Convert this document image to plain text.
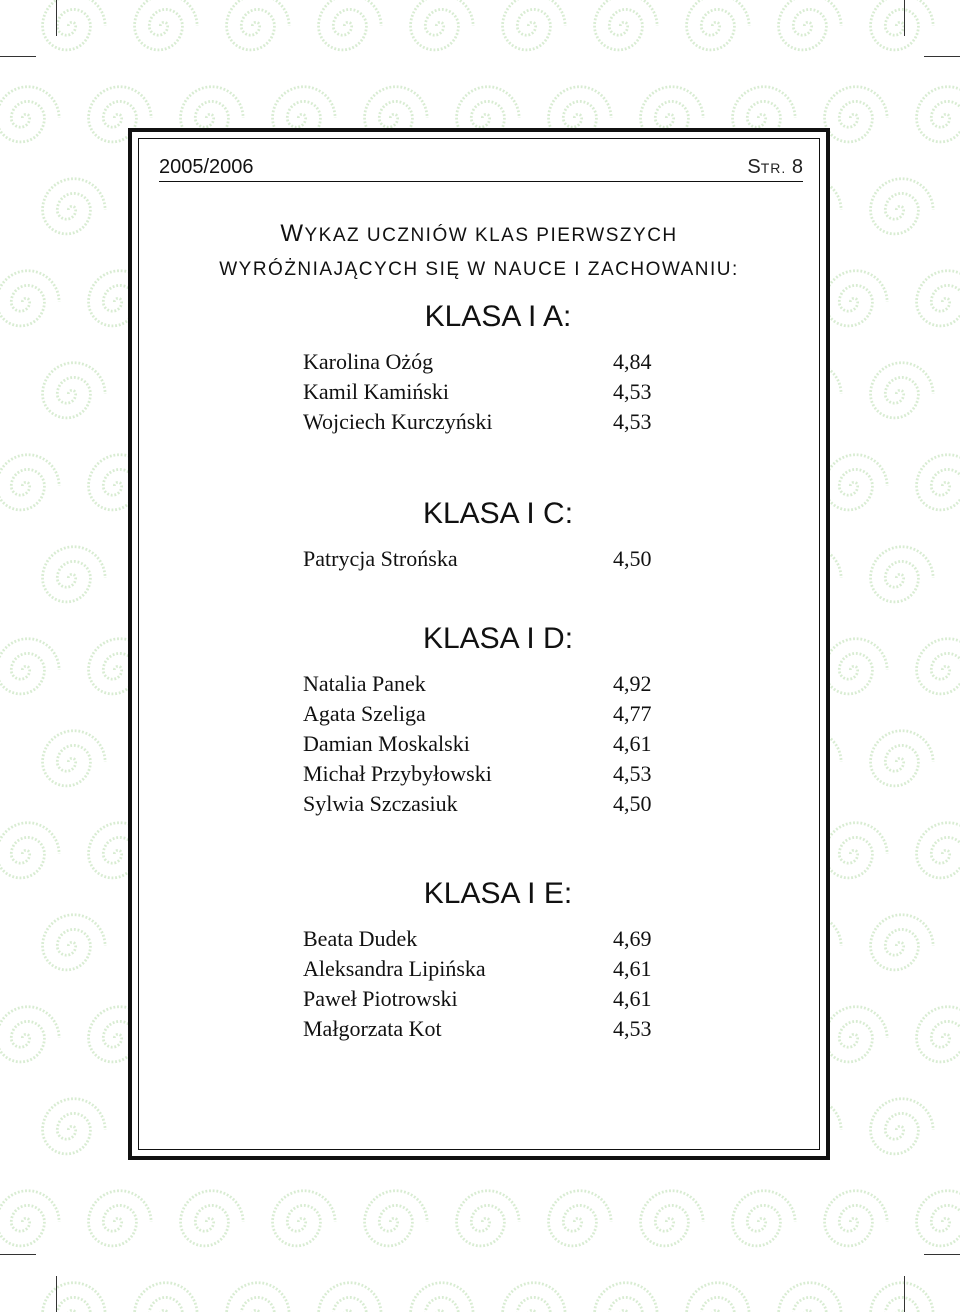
2005/2006	STR. 8
WYKAZ UCZNIÓW KLAS PIERWSZYCH
WYRÓŻNIAJĄCYCH SIĘ W NAUCE I ZACHOWANIU:
KLASA I A:
Karolina Ożóg	4,84
Kamil Kamiński	4,53
Wojciech Kurczyński	4,53
KLASA I C:
Patrycja Strońska	4,50
KLASA I D:
Natalia Panek	4,92
Agata Szeliga	4,77
Damian Moskalski	4,61
Michał Przybyłowski	4,53
Sylwia Szczasiuk	4,50
KLASA I E:
Beata Dudek	4,69
Aleksandra Lipińska	4,61
Paweł Piotrowski	4,61
Małgorzata Kot	4,53
